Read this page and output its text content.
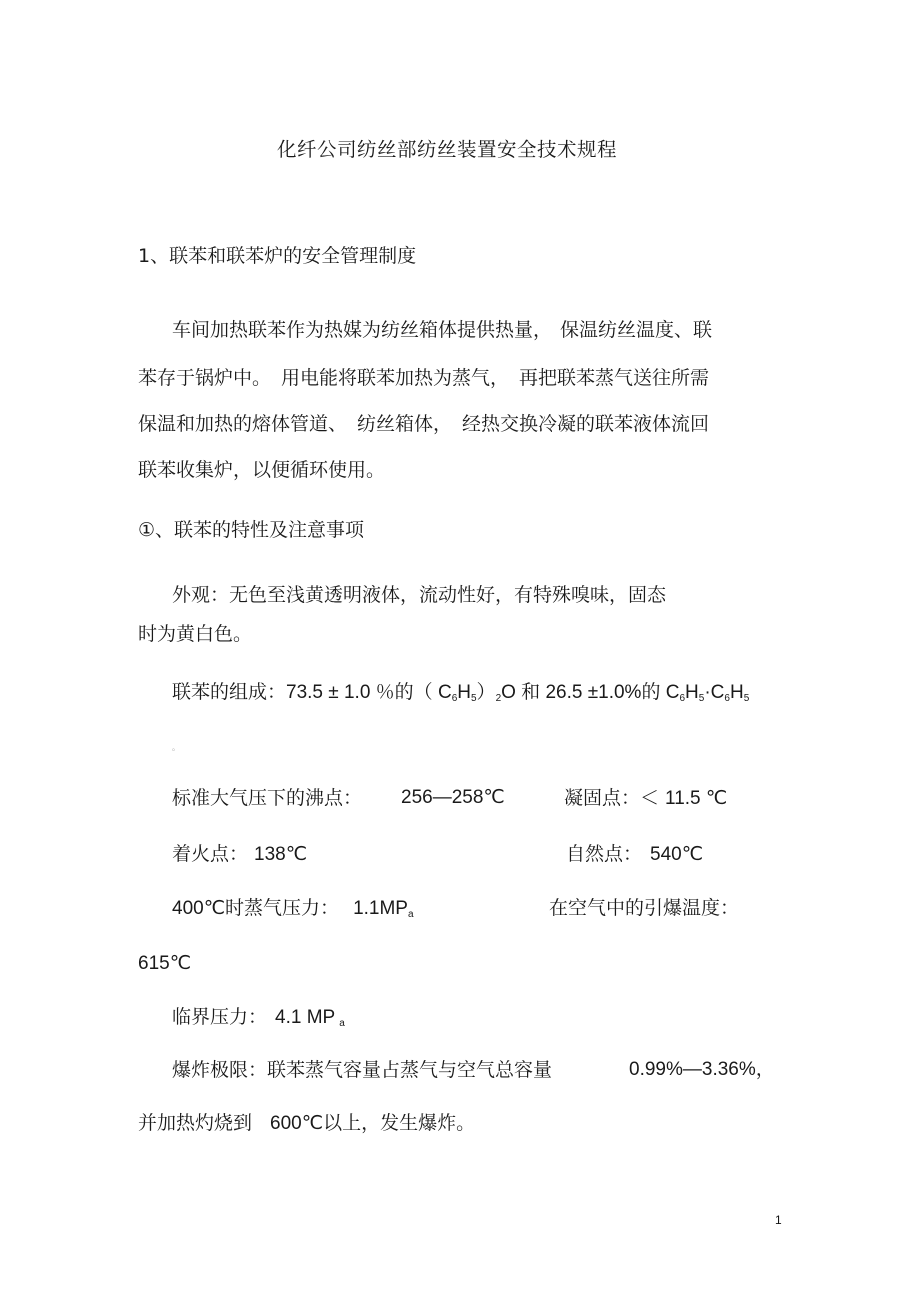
化纤公司纺丝部纺丝装置安全技术规程
1、联苯和联苯炉的安全管理制度
车间加热联苯作为热媒为纺丝箱体提供热量， 保温纺丝温度、联
苯存于锅炉中。 用电能将联苯加热为蒸气， 再把联苯蒸气送往所需
保温和加热的熔体管道、 纺丝箱体， 经热交换冷凝的联苯液体流回
联苯收集炉，以便循环使用。
①、联苯的特性及注意事项
外观：无色至浅黄透明液体，流动性好，有特殊嗅味，固态
时为黄白色。
联苯的组成：73.5 ± 1.0 ％的（ $C_6H_5)_2O$ 和 26.5 ±1.0%的 $C_6H_5\cdot C_6H_5$
。
标准大气压下的沸点： 256—258℃	凝固点：＜ 11.5 ℃
着火点： 138℃	自然点： 540℃
400℃时蒸气压力： $1.1MP_a$	在空气中的引爆温度：
615℃
临界压力： 4.1 MP $_a$
爆炸极限：联苯蒸气容量占蒸气与空气总容量	0.99%—3.36%，
并加热灼烧到 600℃以上，发生爆炸。
1
